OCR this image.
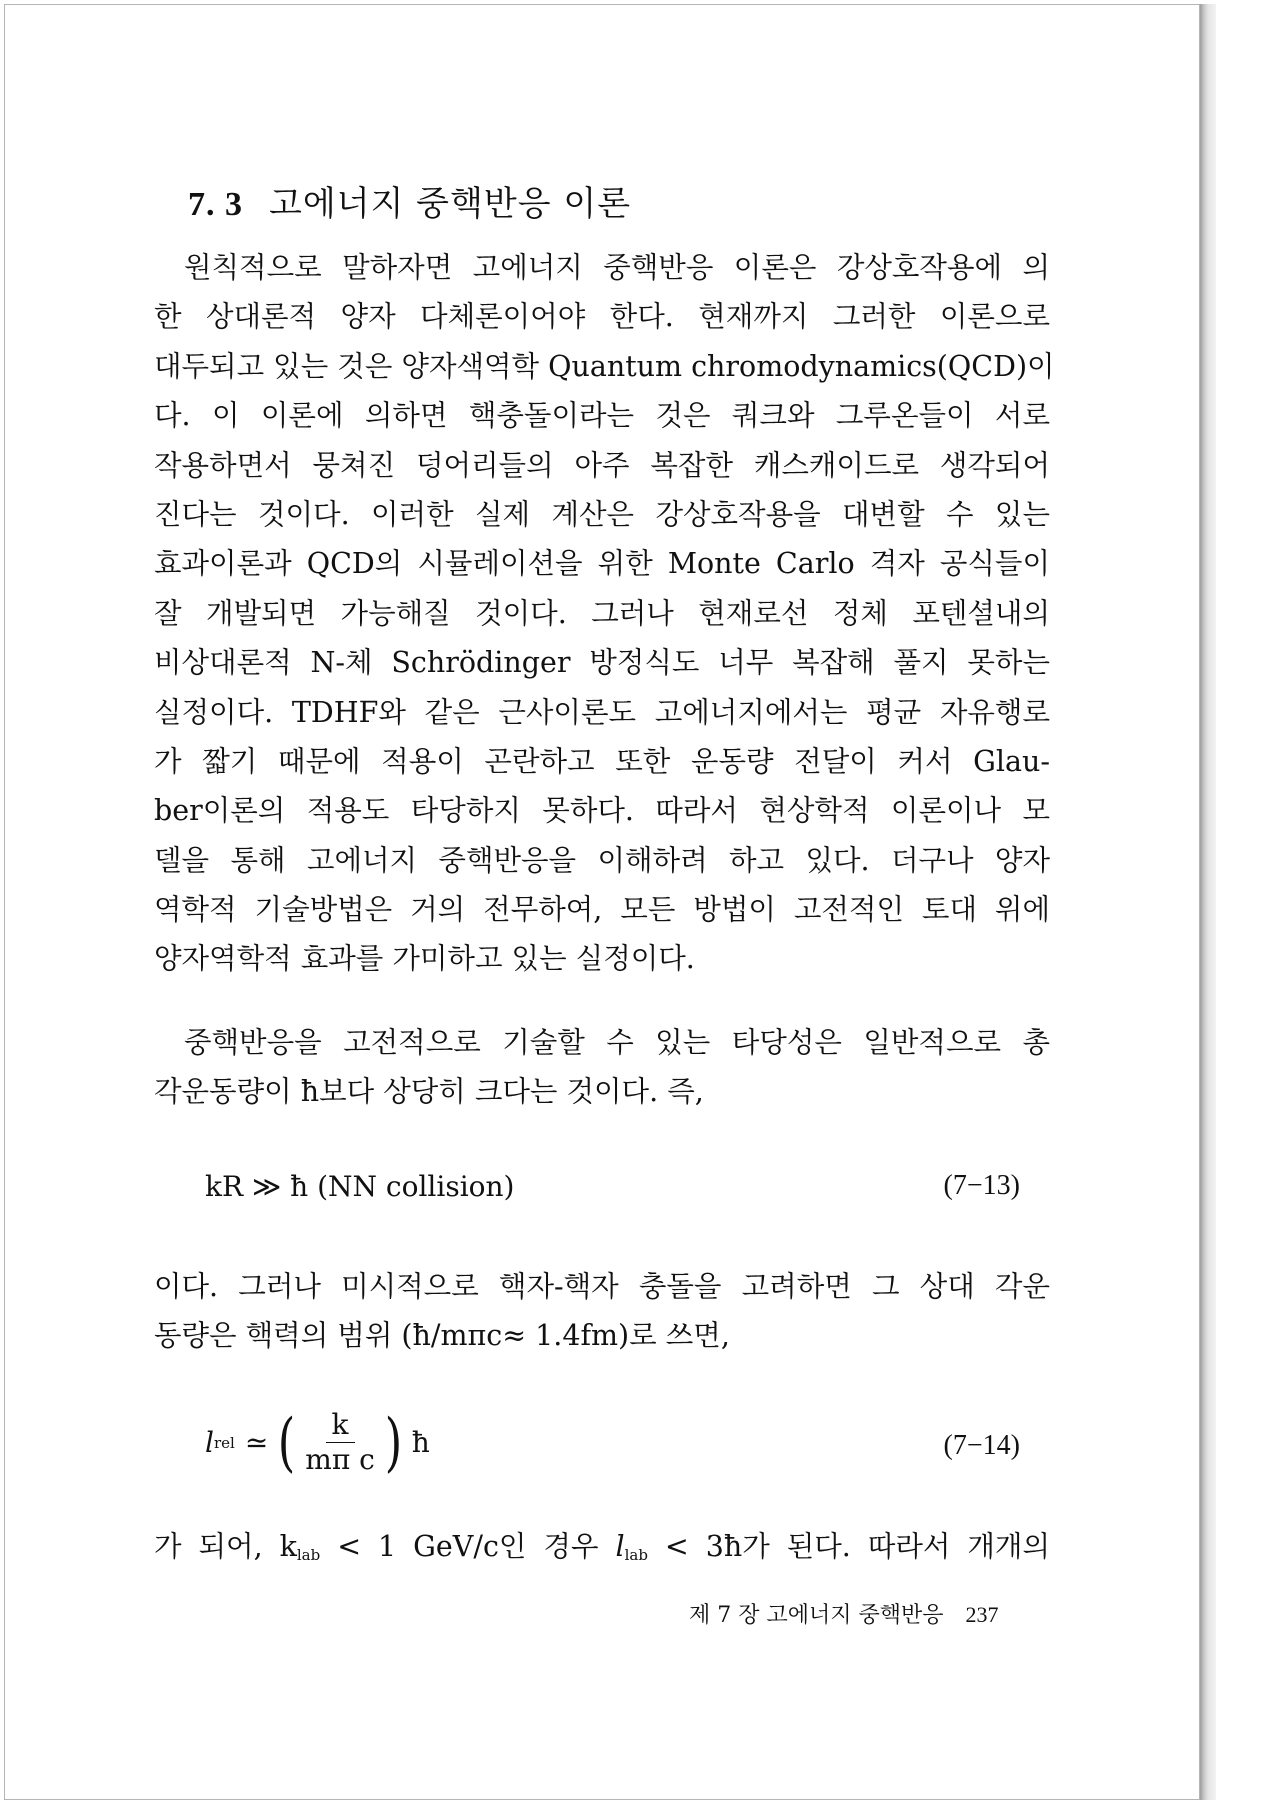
7. 3 고에너지 중핵반응 이론
원칙적으로 말하자면 고에너지 중핵반응 이론은 강상호작용에 의
한 상대론적 양자 다체론이어야 한다. 현재까지 그러한 이론으로
대두되고 있는 것은 양자색역학 Quantum chromodynamics(QCD)이
다. 이 이론에 의하면 핵충돌이라는 것은 쿼크와 그루온들이 서로
작용하면서 뭉쳐진 덩어리들의 아주 복잡한 캐스캐이드로 생각되어
진다는 것이다. 이러한 실제 계산은 강상호작용을 대변할 수 있는
효과이론과 QCD의 시뮬레이션을 위한 Monte Carlo 격자 공식들이
잘 개발되면 가능해질 것이다. 그러나 현재로선 정체 포텐셜내의
비상대론적 N-체 Schrödinger 방정식도 너무 복잡해 풀지 못하는
실정이다. TDHF와 같은 근사이론도 고에너지에서는 평균 자유행로
가 짧기 때문에 적용이 곤란하고 또한 운동량 전달이 커서 Glau-
ber이론의 적용도 타당하지 못하다. 따라서 현상학적 이론이나 모
델을 통해 고에너지 중핵반응을 이해하려 하고 있다. 더구나 양자
역학적 기술방법은 거의 전무하여, 모든 방법이 고전적인 토대 위에
양자역학적 효과를 가미하고 있는 실정이다.
중핵반응을 고전적으로 기술할 수 있는 타당성은 일반적으로 총
각운동량이 ħ보다 상당히 크다는 것이다. 즉,
kR ≫ ħ (NN collision)	(7−13)
이다. 그러나 미시적으로 핵자-핵자 충돌을 고려하면 그 상대 각운
동량은 핵력의 범위 (ħ/mπc≈ 1.4fm)로 쓰면,
l rel ≃ ( $\frac{k}{\text{mπ c}}$ ) ħ	(7−14)
가 되어, klab < 1 GeV/c인 경우 llab < 3ħ가 된다. 따라서 개개의
제 7 장 고에너지 중핵반응 237
